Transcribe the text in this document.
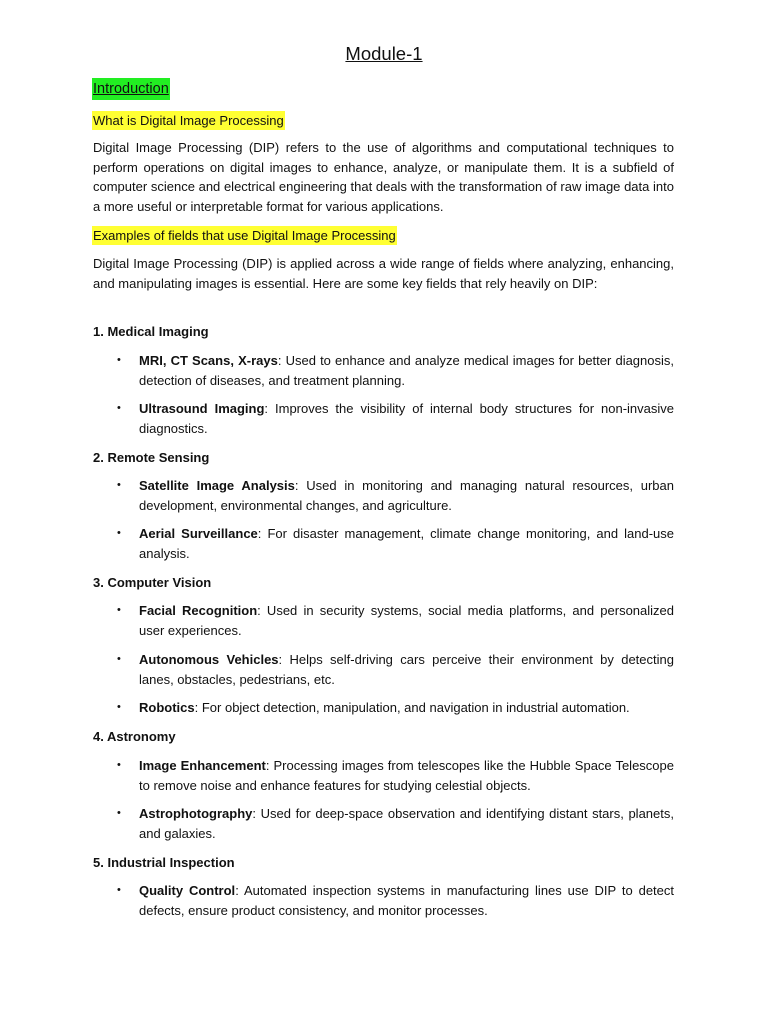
Module-1
Introduction
What is Digital Image Processing

Digital Image Processing (DIP) refers to the use of algorithms and computational techniques to perform operations on digital images to enhance, analyze, or manipulate them. It is a subfield of computer science and electrical engineering that deals with the transformation of raw image data into a more useful or interpretable format for various applications.

Examples of fields that use Digital Image Processing

Digital Image Processing (DIP) is applied across a wide range of fields where analyzing, enhancing, and manipulating images is essential. Here are some key fields that rely heavily on DIP:

1. Medical Imaging
• MRI, CT Scans, X-rays: Used to enhance and analyze medical images for better diagnosis, detection of diseases, and treatment planning.

• Ultrasound Imaging: Improves the visibility of internal body structures for non-invasive diagnostics.

2. Remote Sensing
• Satellite Image Analysis: Used in monitoring and managing natural resources, urban development, environmental changes, and agriculture.

• Aerial Surveillance: For disaster management, climate change monitoring, and land-use analysis.

3. Computer Vision
• Facial Recognition: Used in security systems, social media platforms, and personalized user experiences.

• Autonomous Vehicles: Helps self-driving cars perceive their environment by detecting lanes, obstacles, pedestrians, etc.

• Robotics: For object detection, manipulation, and navigation in industrial automation.

4. Astronomy
• Image Enhancement: Processing images from telescopes like the Hubble Space Telescope to remove noise and enhance features for studying celestial objects.

• Astrophotography: Used for deep-space observation and identifying distant stars, planets, and galaxies.

5. Industrial Inspection
• Quality Control: Automated inspection systems in manufacturing lines use DIP to detect defects, ensure product consistency, and monitor processes.
